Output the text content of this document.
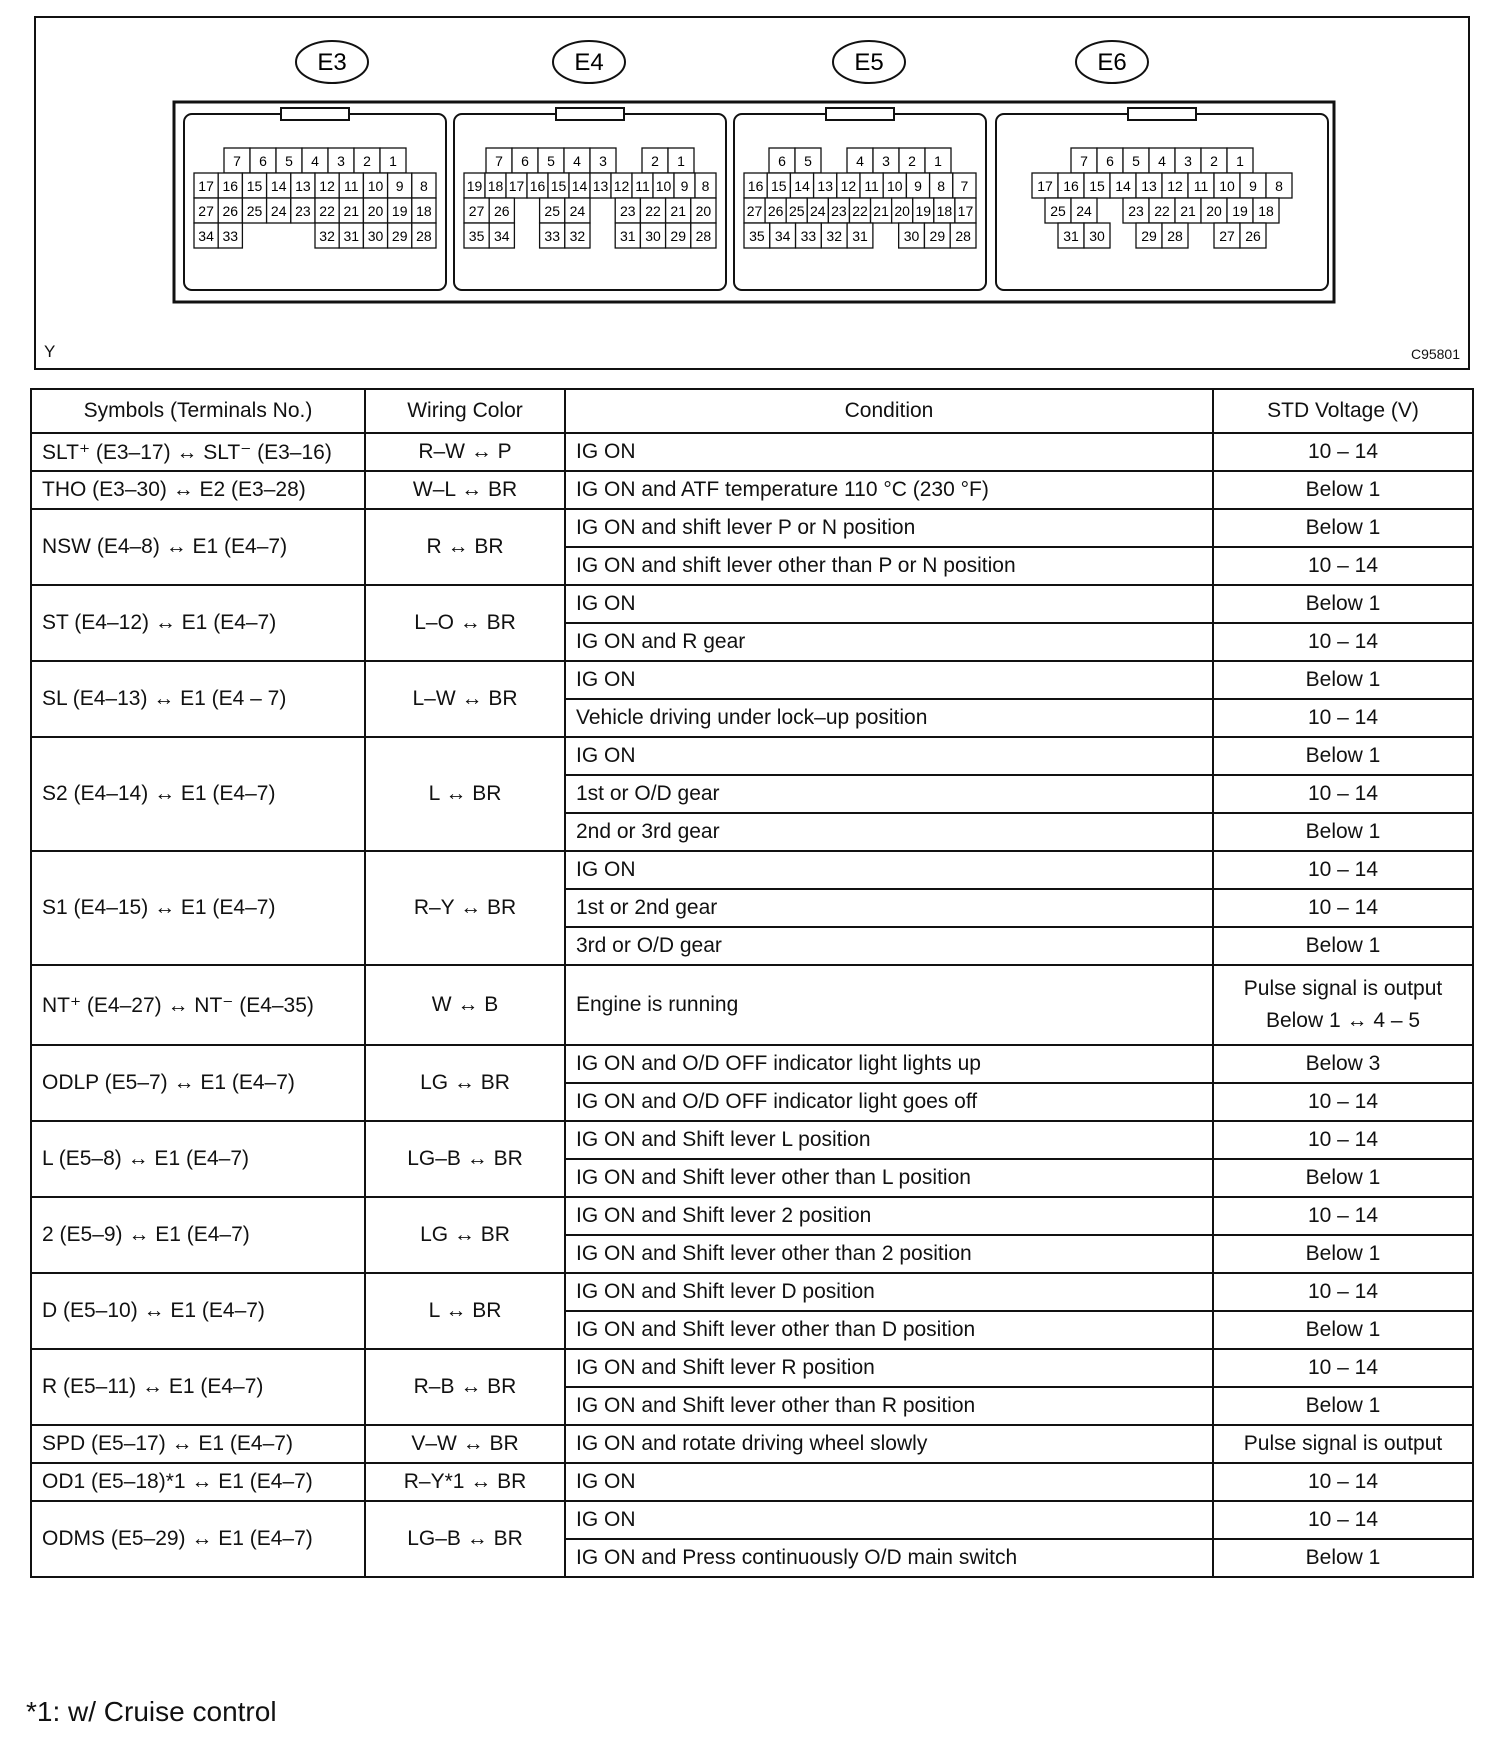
E3
7 6 5 4 3 2 1
17 16 15 14 13 12 11 10 9 8
27 26 25 24 23 22 21 20 19 18
34 33	32 31 30 29 28
E4
7 6 5 4 3	2 1
19 18 17 16 15 14 13 12 11 10 9 8
27 26 25 24 23 22 21 20
35 34 33 32 31 30 29 28
E5
6 5	4 3 2 1
16 15 14 13 12 11 10 9 8 7
27 26 25 24 23 22 21 20 19 18 17
35 34 33 32 31	30 29 28
E6
7 6 5 4 3 2 1
17 16 15 14 13 12 11 10 9 8
25 24	23 22 21 20 19 18
31 30	29 28	27 26
Y	C95801
Symbols (Terminals No.)	Wiring Color	Condition	STD Voltage (V)
SLT⁺ (E3–17) ↔ SLT⁻ (E3–16)	R–W ↔ P	IG ON	10 – 14
THO (E3–30) ↔ E2 (E3–28)	W–L ↔ BR	IG ON and ATF temperature 110 °C (230 °F)	Below 1
NSW (E4–8) ↔ E1 (E4–7)	R ↔ BR	IG ON and shift lever P or N position	Below 1
		IG ON and shift lever other than P or N position	10 – 14
ST (E4–12) ↔ E1 (E4–7)	L–O ↔ BR	IG ON	Below 1
		IG ON and R gear	10 – 14
SL (E4–13) ↔ E1 (E4 – 7)	L–W ↔ BR	IG ON	Below 1
		Vehicle driving under lock–up position	10 – 14
S2 (E4–14) ↔ E1 (E4–7)	L ↔ BR	IG ON	Below 1
		1st or O/D gear	10 – 14
		2nd or 3rd gear	Below 1
S1 (E4–15) ↔ E1 (E4–7)	R–Y ↔ BR	IG ON	10 – 14
		1st or 2nd gear	10 – 14
		3rd or O/D gear	Below 1
NT⁺ (E4–27) ↔ NT⁻ (E4–35)	W ↔ B	Engine is running	Pulse signal is output
Below 1 ↔ 4 – 5

ODLP (E5–7) ↔ E1 (E4–7)	LG ↔ BR	IG ON and O/D OFF indicator light lights up	Below 3
		IG ON and O/D OFF indicator light goes off	10 – 14
L (E5–8) ↔ E1 (E4–7)	LG–B ↔ BR	IG ON and Shift lever L position	10 – 14
		IG ON and Shift lever other than L position	Below 1
2 (E5–9) ↔ E1 (E4–7)	LG ↔ BR	IG ON and Shift lever 2 position	10 – 14
		IG ON and Shift lever other than 2 position	Below 1
D (E5–10) ↔ E1 (E4–7)	L ↔ BR	IG ON and Shift lever D position	10 – 14
		IG ON and Shift lever other than D position	Below 1
R (E5–11) ↔ E1 (E4–7)	R–B ↔ BR	IG ON and Shift lever R position	10 – 14
		IG ON and Shift lever other than R position	Below 1
SPD (E5–17) ↔ E1 (E4–7)	V–W ↔ BR	IG ON and rotate driving wheel slowly	Pulse signal is output
OD1 (E5–18)*1 ↔ E1 (E4–7)	R–Y*1 ↔ BR	IG ON	10 – 14
ODMS (E5–29) ↔ E1 (E4–7)	LG–B ↔ BR	IG ON	10 – 14
		IG ON and Press continuously O/D main switch	Below 1
*1: w/ Cruise control
